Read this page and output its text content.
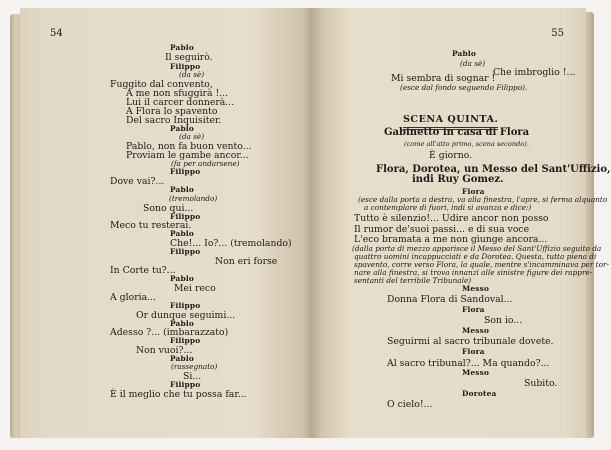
54
Pablo
Il seguirò.
Filippo
(da sè)
Fuggito dal convento,
A me non sfuggirà !...
Lui il carcer donnerà...
A Flora lo spavento
Del sacro Inquisiter.
Pablo
(da sè)
Pablo, non fa buon vento...
Proviam le gambe ancor...
(fa per andarsene)
Filippo
Dove vai?...
Pablo
(tremolando)
Sono qui...
Filippo
Meco tu resterai.
Pablo
Che!... Io?... (tremolando)
Filippo
Non eri forse
In Corte tu?...
Pablo
Mei reco
A gloria...
Filippo
Or dunque seguimi...
Pablo
Adesso ?... (imbarazzato)
Filippo
Non vuoi?...
Pablo
(rassegnato)
Si...
Filippo
È il meglio che tu possa far...
55
Pablo
(da sè)
Che imbroglio !...
Mi sembra di sognar !
(esce dal fondo seguendo Filippo).
SCENA QUINTA.
Gabinetto in casa di Flora
(come all'atto primo, scena secondo).
È giorno.
Flora, Dorotea, un Messo del Sant'Uffizio,
indi Ruy Gomez.
Flora
(esce dalla porta a destra, va alla finestra, l'apre, si ferma alquanto
a contemplare di fuori, indi si avanza e dice:)
Tutto è silenzio!... Udire ancor non posso
Il rumor de'suoi passi... e di sua voce
L'eco bramata a me non giunge ancora...
(dalla porta di mezzo apparisce il Messo del Sant'Uffizio seguito da
quattro uomini incappucciati e da Dorotea. Questa, tutta piena di
spavento, corre verso Flora, la quale, mentre s'incamminava per tor-
nare alla finestra, si trova innanzi alle sinistre figure dei rappre-
sentanti del terribile Tribunale)
Messo
Donna Flora di Sandoval...
Flora
Son io...
Messo
Seguirmi al sacro tribunale dovete.
Flora
Al sacro tribunal?... Ma quando?...
Messo
Subito.
Dorotea
O cielo!...
